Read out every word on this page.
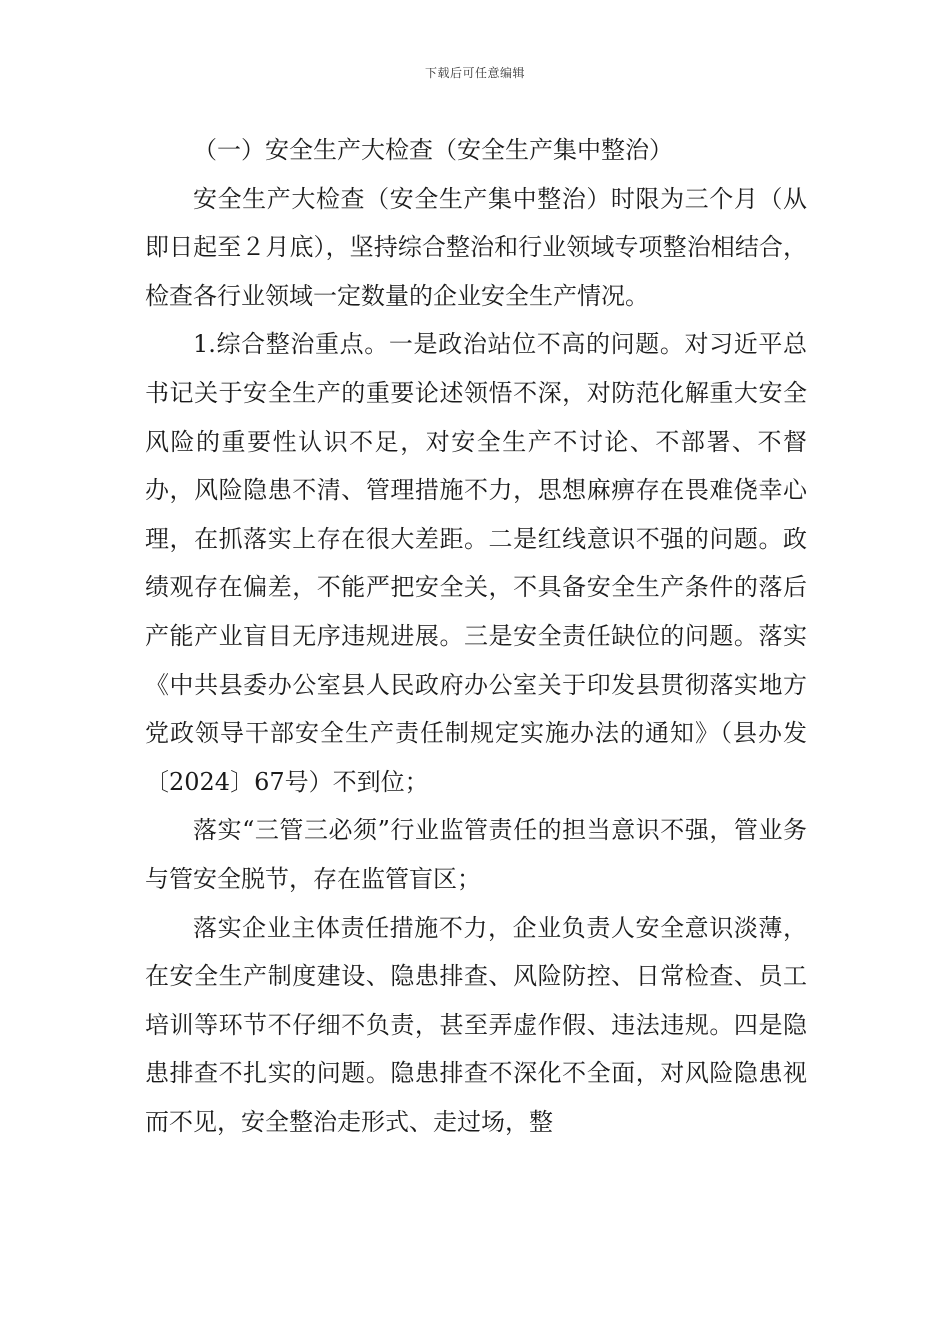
下载后可任意编辑

（一）安全生产大检查（安全生产集中整治）

安全生产大检查（安全生产集中整治）时限为三个月（从即日起至２月底），坚持综合整治和行业领域专项整治相结合，检查各行业领域一定数量的企业安全生产情况。

1.综合整治重点。一是政治站位不高的问题。对习近平总书记关于安全生产的重要论述领悟不深，对防范化解重大安全风险的重要性认识不足，对安全生产不讨论、不部署、不督办，风险隐患不清、管理措施不力，思想麻痹存在畏难侥幸心理，在抓落实上存在很大差距。二是红线意识不强的问题。政绩观存在偏差，不能严把安全关，不具备安全生产条件的落后产能产业盲目无序违规进展。三是安全责任缺位的问题。落实《中共县委办公室县人民政府办公室关于印发县贯彻落实地方党政领导干部安全生产责任制规定实施办法的通知》（县办发〔2024〕67号）不到位；

落实“三管三必须”行业监管责任的担当意识不强，管业务与管安全脱节，存在监管盲区；

落实企业主体责任措施不力，企业负责人安全意识淡薄，在安全生产制度建设、隐患排查、风险防控、日常检查、员工培训等环节不仔细不负责，甚至弄虚作假、违法违规。四是隐患排查不扎实的问题。隐患排查不深化不全面，对风险隐患视而不见，安全整治走形式、走过场，整
